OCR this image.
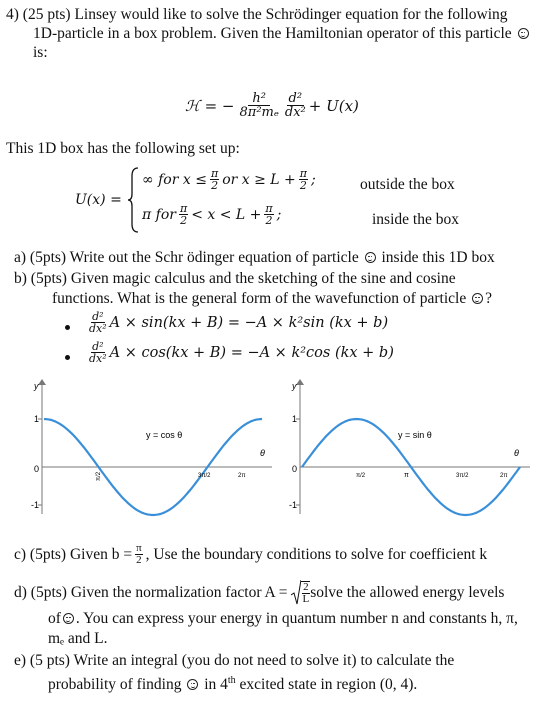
4) (25 pts) Linsey would like to solve the Schrödinger equation for the following
1D-particle in a box problem. Given the Hamiltonian operator of this particle
is:
ℋ = − $\frac{\text{h²}}{\text{8π²mₑ}} \frac{\text{d²}}{\text{dx²}} + U(x)$
This 1D box has the following set up:
U(x) =
∞ for $x \le \frac{\pi}{2}$ or $x \ge L + \frac{\pi}{2}$ ;	outside the box
π for $\frac{\pi}{2} < x < L + \frac{\pi}{2}$ ;	inside the box
a) (5pts) Write out the Schr ödinger equation of particle inside this 1D box
b) (5pts) Given magic calculus and the sketching of the sine and cosine
functions. What is the general form of the wavefunction of particle ?
$\frac{\text{d²}}{\text{dx²}}$ A × sin(kx + B) = −A × k²sin (kx + b)
$\frac{\text{d²}}{\text{dx²}}$ A × cos(kx + B) = −A × k²cos (kx + b)
y
1
0
-1
y = cos θ
θ
π/2	3π/2	2π
y
1
0
-1
y = sin θ
θ
π/2	π	3π/2	2π
c) (5pts) Given $b = \frac{\pi}{2}$ , Use the boundary conditions to solve for coefficient k
d) (5pts) Given the normalization factor $A = \frac{2}{L}$ solve the allowed energy levels
of . You can express your energy in quantum number n and constants h, π,
mₑ and L.
e) (5 pts) Write an integral (you do not need to solve it) to calculate the
probability of finding
in 4th excited state in region (0, 4).
